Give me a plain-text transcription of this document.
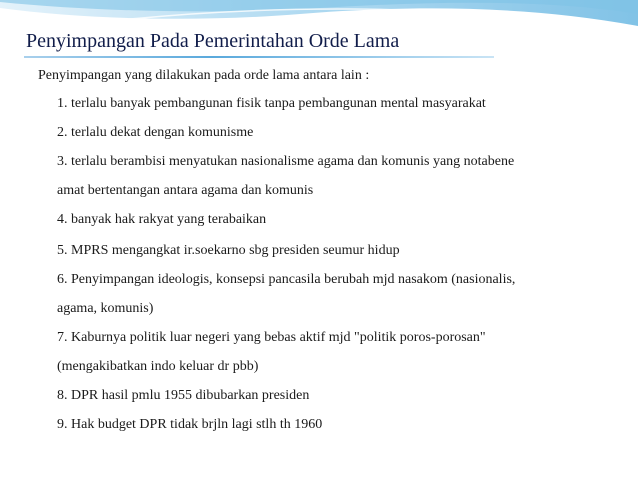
Penyimpangan Pada Pemerintahan Orde Lama
Penyimpangan yang dilakukan pada orde lama antara lain :
1. terlalu banyak pembangunan fisik tanpa pembangunan mental masyarakat
2. terlalu dekat dengan komunisme
3. terlalu berambisi menyatukan nasionalisme agama dan komunis yang notabene
amat bertentangan antara agama dan komunis
4. banyak hak rakyat yang terabaikan
5. MPRS mengangkat ir.soekarno sbg presiden seumur hidup
6. Penyimpangan ideologis, konsepsi pancasila berubah mjd nasakom (nasionalis,
agama, komunis)
7. Kaburnya politik luar negeri yang bebas aktif mjd "politik poros-porosan"
(mengakibatkan indo keluar dr pbb)
8. DPR hasil pmlu 1955 dibubarkan presiden
9. Hak budget DPR tidak brjln lagi stlh th 1960
